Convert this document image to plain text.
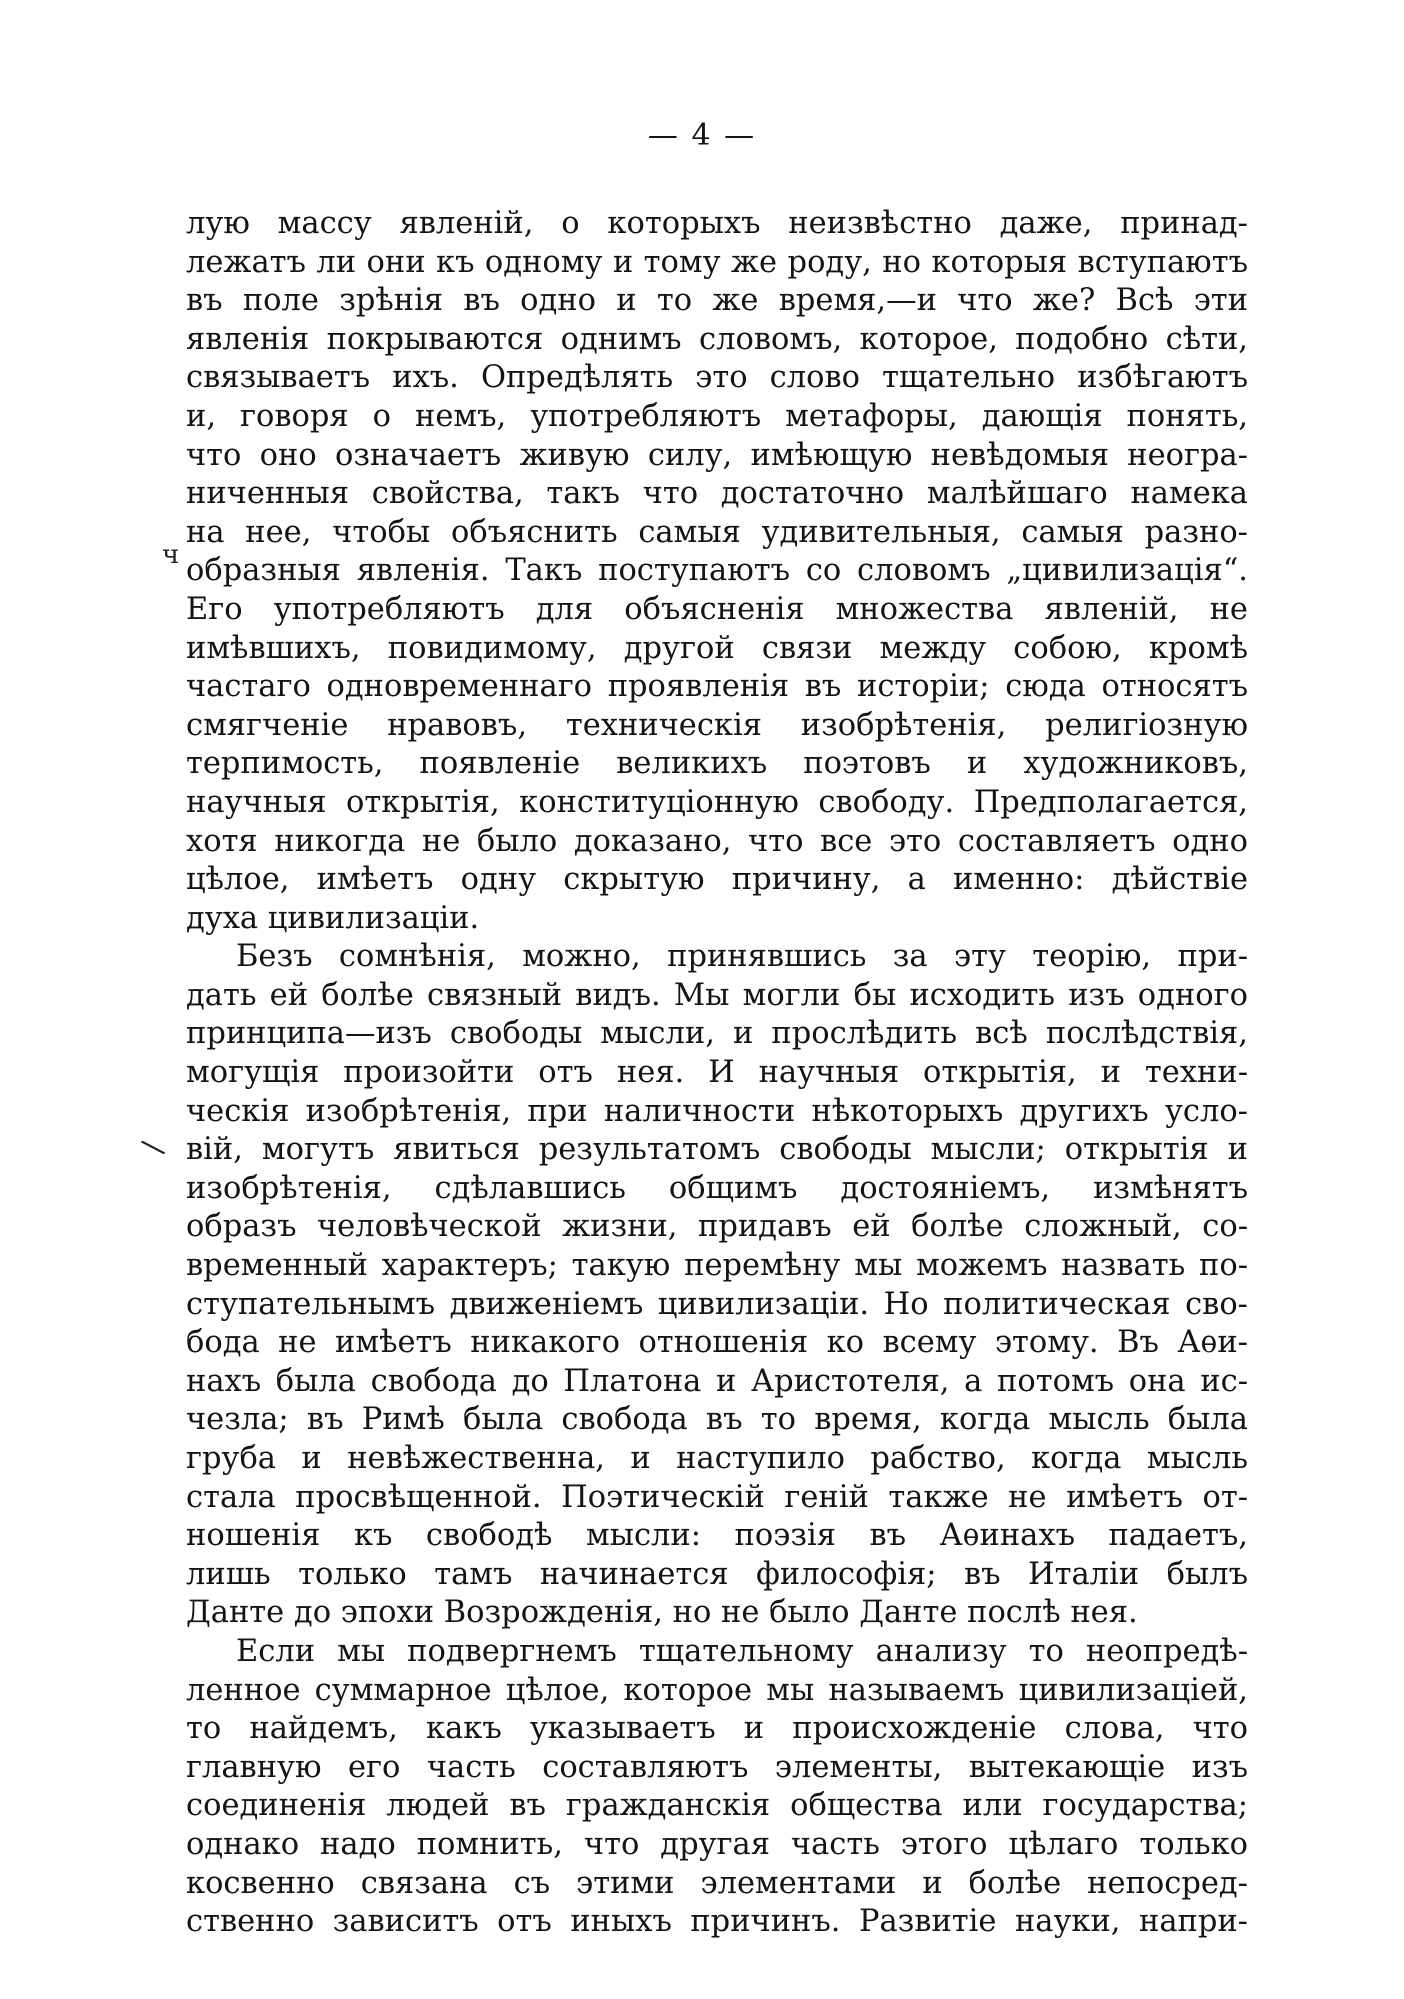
— 4 —
ч
\
лую массу явленій, о которыхъ неизвѣстно даже, принад-
лежатъ ли они къ одному и тому же роду, но которыя вступаютъ
въ поле зрѣнія въ одно и то же время,—и что же? Всѣ эти
явленія покрываются однимъ словомъ, которое, подобно сѣти,
связываетъ ихъ. Опредѣлять это слово тщательно избѣгаютъ
и, говоря о немъ, употребляютъ метафоры, дающія понять,
что оно означаетъ живую силу, имѣющую невѣдомыя неогра-
ниченныя свойства, такъ что достаточно малѣйшаго намека
на нее, чтобы объяснить самыя удивительныя, самыя разно-
образныя явленія. Такъ поступаютъ со словомъ „цивилизація“.
Его употребляютъ для объясненія множества явленій, не
имѣвшихъ, повидимому, другой связи между собою, кромѣ
частаго одновременнаго проявленія въ исторіи; сюда относятъ
смягченіе нравовъ, техническія изобрѣтенія, религіозную
терпимость, появленіе великихъ поэтовъ и художниковъ,
научныя открытія, конституціонную свободу. Предполагается,
хотя никогда не было доказано, что все это составляетъ одно
цѣлое, имѣетъ одну скрытую причину, а именно: дѣйствіе
духа цивилизаціи.
Безъ сомнѣнія, можно, принявшись за эту теорію, при-
дать ей болѣе связный видъ. Мы могли бы исходить изъ одного
принципа—изъ свободы мысли, и прослѣдить всѣ послѣдствія,
могущія произойти отъ нея. И научныя открытія, и техни-
ческія изобрѣтенія, при наличности нѣкоторыхъ другихъ усло-
вій, могутъ явиться результатомъ свободы мысли; открытія и
изобрѣтенія, сдѣлавшись общимъ достояніемъ, измѣнятъ
образъ человѣческой жизни, придавъ ей болѣе сложный, со-
временный характеръ; такую перемѣну мы можемъ назвать по-
ступательнымъ движеніемъ цивилизаціи. Но политическая сво-
бода не имѣетъ никакого отношенія ко всему этому. Въ Аѳи-
нахъ была свобода до Платона и Аристотеля, а потомъ она ис-
чезла; въ Римѣ была свобода въ то время, когда мысль была
груба и невѣжественна, и наступило рабство, когда мысль
стала просвѣщенной. Поэтическій геній также не имѣетъ от-
ношенія къ свободѣ мысли: поэзія въ Аѳинахъ падаетъ,
лишь только тамъ начинается философія; въ Италіи былъ
Данте до эпохи Возрожденія, но не было Данте послѣ нея.
Если мы подвергнемъ тщательному анализу то неопредѣ-
ленное суммарное цѣлое, которое мы называемъ цивилизаціей,
то найдемъ, какъ указываетъ и происхожденіе слова, что
главную его часть составляютъ элементы, вытекающіе изъ
соединенія людей въ гражданскія общества или государства;
однако надо помнить, что другая часть этого цѣлаго только
косвенно связана съ этими элементами и болѣе непосред-
ственно зависитъ отъ иныхъ причинъ. Развитіе науки, напри-
